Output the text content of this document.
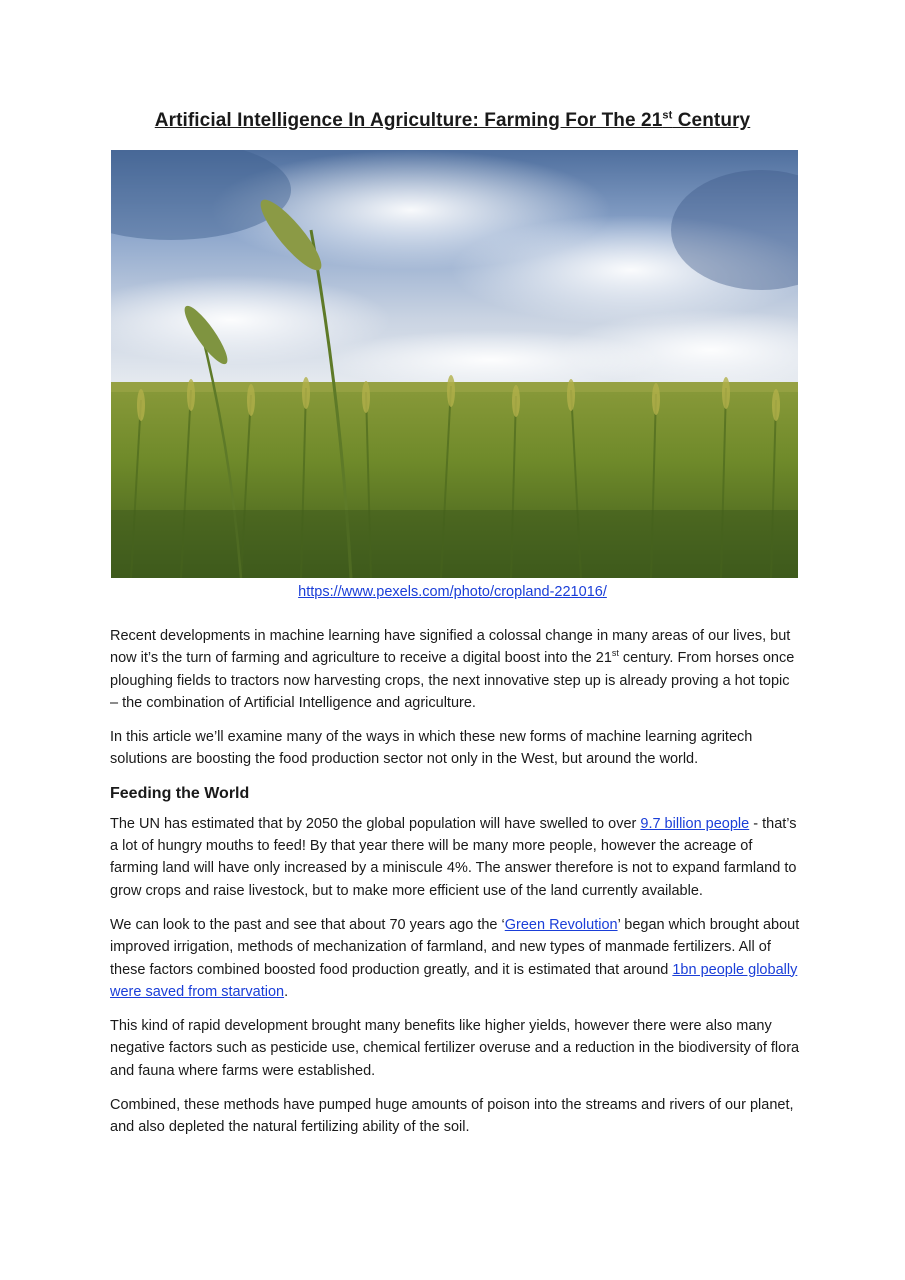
Artificial Intelligence In Agriculture: Farming For The 21st Century
https://www.pexels.com/photo/cropland-221016/

Recent developments in machine learning have signified a colossal change in many areas of our lives, but now it’s the turn of farming and agriculture to receive a digital boost into the 21st century. From horses once ploughing fields to tractors now harvesting crops, the next innovative step up is already proving a hot topic – the combination of Artificial Intelligence and agriculture.

In this article we’ll examine many of the ways in which these new forms of machine learning agritech solutions are boosting the food production sector not only in the West, but around the world.

Feeding the World

The UN has estimated that by 2050 the global population will have swelled to over 9.7 billion people - that’s a lot of hungry mouths to feed! By that year there will be many more people, however the acreage of farming land will have only increased by a miniscule 4%. The answer therefore is not to expand farmland to grow crops and raise livestock, but to make more efficient use of the land currently available.

We can look to the past and see that about 70 years ago the ‘Green Revolution’ began which brought about improved irrigation, methods of mechanization of farmland, and new types of manmade fertilizers. All of these factors combined boosted food production greatly, and it is estimated that around 1bn people globally were saved from starvation.

This kind of rapid development brought many benefits like higher yields, however there were also many negative factors such as pesticide use, chemical fertilizer overuse and a reduction in the biodiversity of flora and fauna where farms were established.

Combined, these methods have pumped huge amounts of poison into the streams and rivers of our planet, and also depleted the natural fertilizing ability of the soil.
